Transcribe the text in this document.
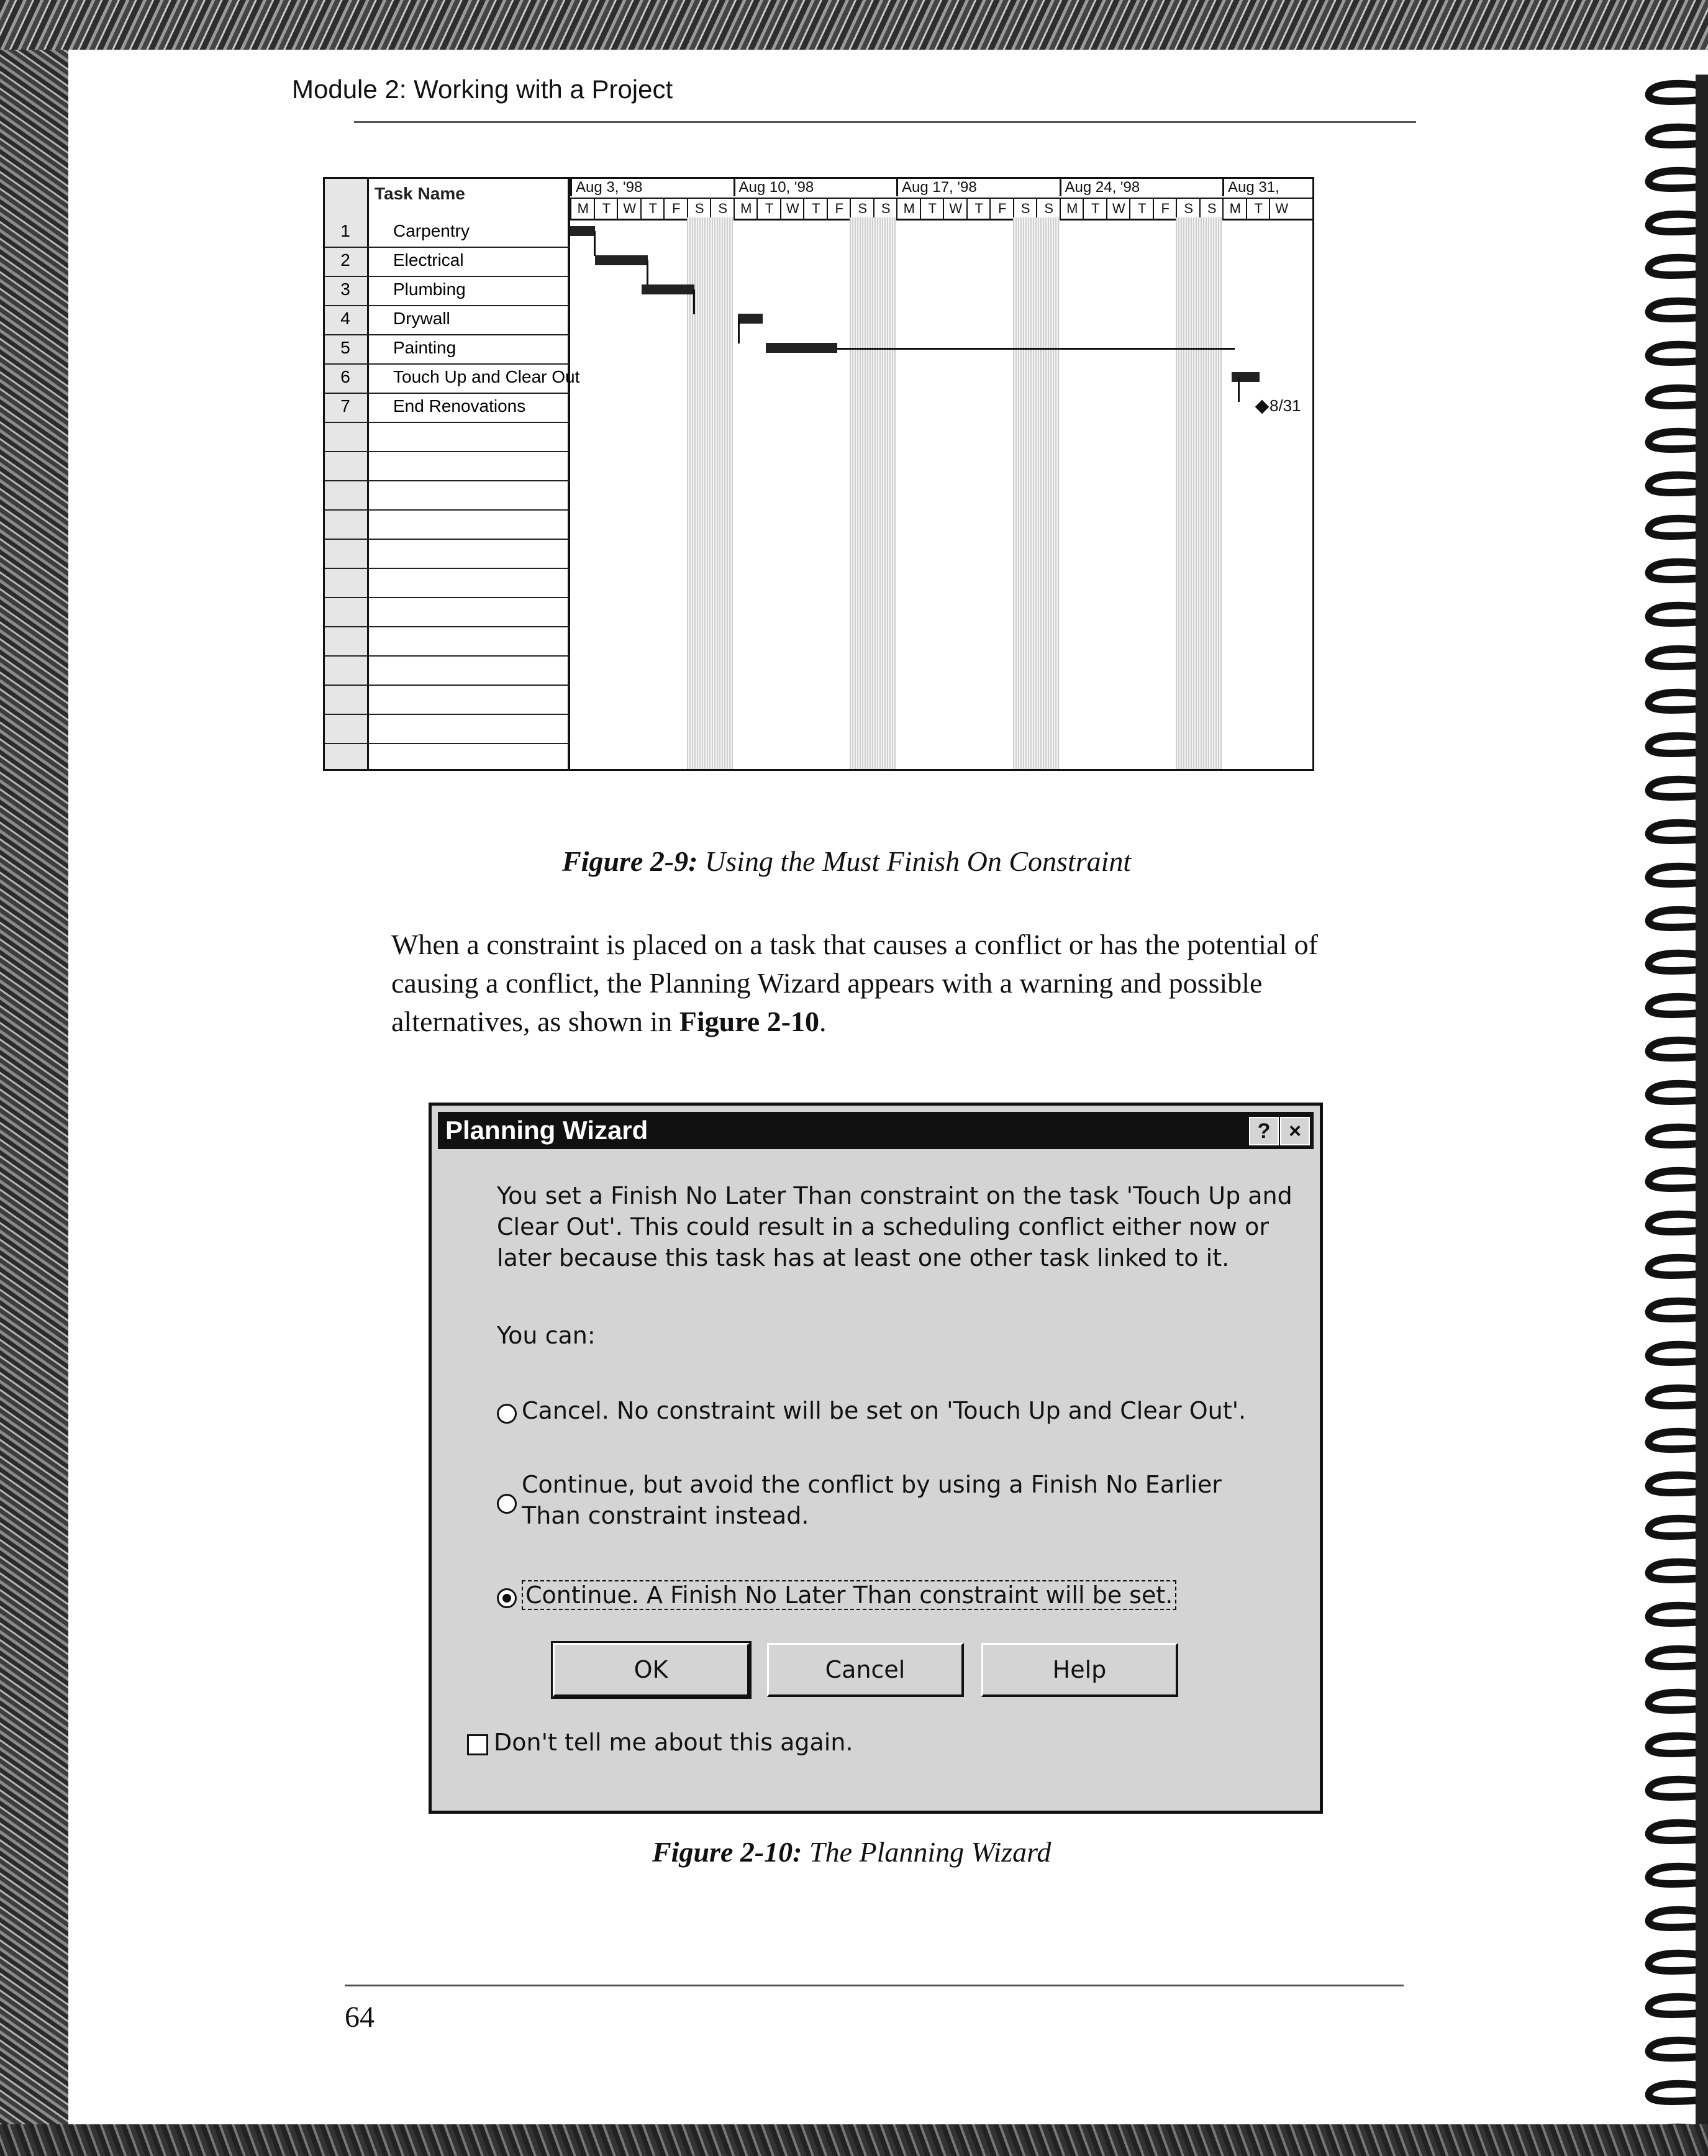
Module 2: Working with a Project
Task Name
1	Carpentry
2	Electrical
3	Plumbing
4	Drywall
5	Painting
6	Touch Up and Clear Out
7	End Renovations
Aug 3, '98	Aug 10, '98	Aug 17, '98	Aug 24, '98	Aug 31,
M T W T	F	S	S M T W T	F	S	S M T W T	F	S	S M T W T	F	S	S M T W
8/31
Figure 2-9: Using the Must Finish On Constraint
When a constraint is placed on a task that causes a conflict or has the potential of causing a conflict, the Planning Wizard appears with a warning and possible alternatives, as shown in Figure 2-10.
Planning Wizard	? ×
You set a Finish No Later Than constraint on the task 'Touch Up and
Clear Out'. This could result in a scheduling conflict either now or
later because this task has at least one other task linked to it.
You can:
Cancel. No constraint will be set on 'Touch Up and Clear Out'.
Continue, but avoid the conflict by using a Finish No Earlier
Than constraint instead.
Continue. A Finish No Later Than constraint will be set.
OK	Cancel	Help
Don't tell me about this again.
Figure 2-10: The Planning Wizard
64
